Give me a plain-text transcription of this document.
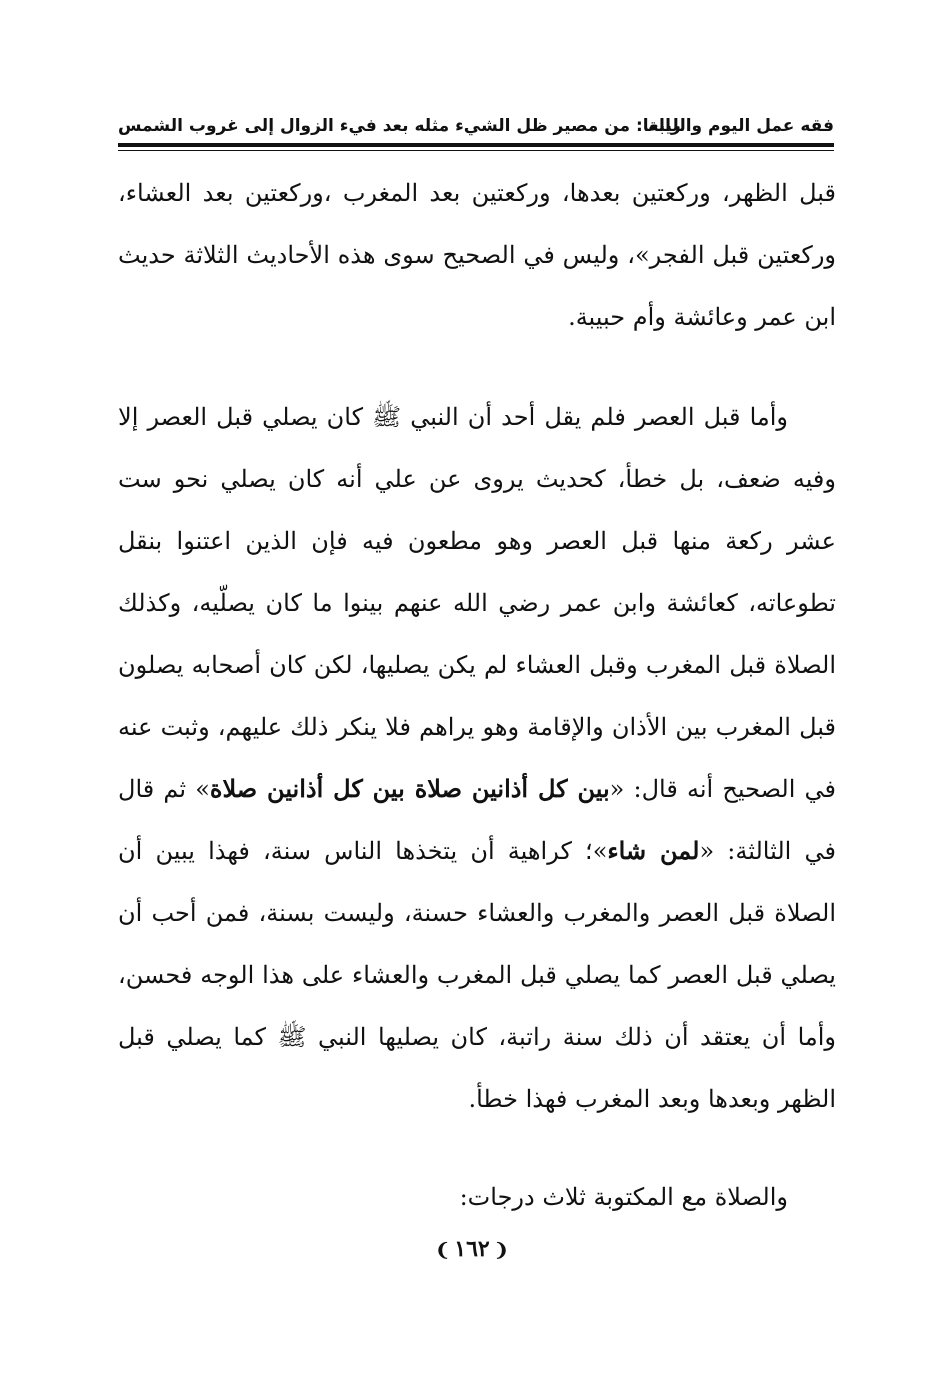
فقه عمل اليوم والليلة
رابعا: من مصير ظل الشيء مثله بعد فيء الزوال إلى غروب الشمس

قبل الظهر، وركعتين بعدها، وركعتين بعد المغرب ،وركعتين بعد العشاء، وركعتين قبل الفجر»، وليس في الصحيح سوى هذه الأحاديث الثلاثة حديث ابن عمر وعائشة وأم حبيبة.

وأما قبل العصر فلم يقل أحد أن النبي ﷺ كان يصلي قبل العصر إلا وفيه ضعف، بل خطأ، كحديث يروى عن علي أنه كان يصلي نحو ست عشر ركعة منها قبل العصر وهو مطعون فيه فإن الذين اعتنوا بنقل تطوعاته، كعائشة وابن عمر رضي الله عنهم بينوا ما كان يصلّيه، وكذلك الصلاة قبل المغرب وقبل العشاء لم يكن يصليها، لكن كان أصحابه يصلون قبل المغرب بين الأذان والإقامة وهو يراهم فلا ينكر ذلك عليهم، وثبت عنه في الصحيح أنه قال: «بين كل أذانين صلاة بين كل أذانين صلاة» ثم قال في الثالثة: «لمن شاء»؛ كراهية أن يتخذها الناس سنة، فهذا يبين أن الصلاة قبل العصر والمغرب والعشاء حسنة، وليست بسنة، فمن أحب أن يصلي قبل العصر كما يصلي قبل المغرب والعشاء على هذا الوجه فحسن، وأما أن يعتقد أن ذلك سنة راتبة، كان يصليها النبي ﷺ كما يصلي قبل الظهر وبعدها وبعد المغرب فهذا خطأ.

والصلاة مع المكتوبة ثلاث درجات:

❨١٦٢❩
